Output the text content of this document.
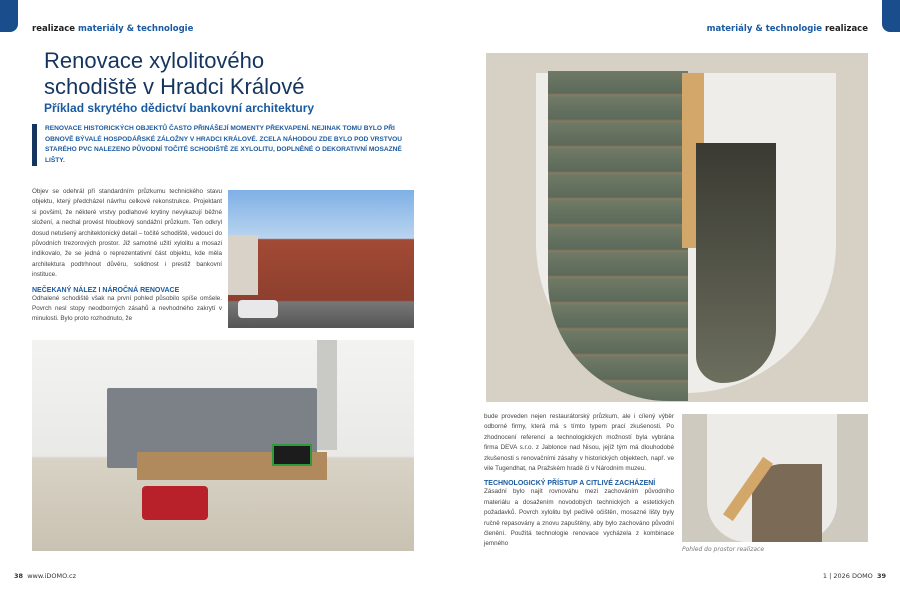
realizace materiály & technologie	materiály & technologie realizace
Renovace xylolitového schodiště v Hradci Králové
Příklad skrytého dědictví bankovní architektury
RENOVACE HISTORICKÝCH OBJEKTŮ ČASTO PŘINÁŠEJÍ MOMENTY PŘEKVAPENÍ. NEJINAK TOMU BYLO PŘI OBNOVĚ BÝVALÉ HOSPODÁŘSKÉ ZÁLOŽNY V HRADCI KRÁLOVÉ. ZCELA NÁHODOU ZDE BYLO POD VRSTVOU STARÉHO PVC NALEZENO PŮVODNÍ TOČITÉ SCHODIŠTĚ ZE XYLOLITU, DOPLNĚNÉ O DEKORATIVNÍ MOSAZNÉ LIŠTY.

Objev se odehrál při standardním průzkumu technického stavu objektu, který předcházel návrhu celkové rekonstrukce. Projektant si povšiml, že některé vrstvy podlahové krytiny nevykazují běžné složení, a nechal provést hloubkový sondážní průzkum. Ten odkryl dosud netušený architektonický detail – točité schodiště, vedoucí do původních trezorových prostor. Již samotné užití xylolitu a mosazi indikovalo, že se jedná o reprezentativní část objektu, kde měla architektura podtrhnout důvěru, solidnost i prestiž bankovní instituce.

NEČEKANÝ NÁLEZ I NÁROČNÁ RENOVACE

Odhalené schodiště však na první pohled působilo spíše omšele. Povrch nesl stopy neodborných zásahů a nevhodného zakrytí v minulosti. Bylo proto rozhodnuto, že

38 www.iDOMO.cz

bude proveden nejen restaurátorský průzkum, ale i cílený výběr odborné firmy, která má s tímto typem prací zkušenosti. Po zhodnocení referencí a technologických možností byla vybrána firma DEVA s.r.o. z Jablonce nad Nisou, jejíž tým má dlouhodobé zkušenosti s renovačními zásahy v historických objektech, např. ve vile Tugendhat, na Pražském hradě či v Národním muzeu.

TECHNOLOGICKÝ PŘÍSTUP A CITLIVÉ ZACHÁZENÍ

Zásadní bylo najít rovnováhu mezi zachováním původního materiálu a dosažením novodobých technických a estetických požadavků. Povrch xylolitu byl pečlivě očištěn, mosazné lišty byly ručně repasovány a znovu zapuštěny, aby bylo zachováno původní členění. Použitá technologie renovace vycházela z kombinace jemného

Pohled do prostor realizace
1 | 2026 DOMO 39
